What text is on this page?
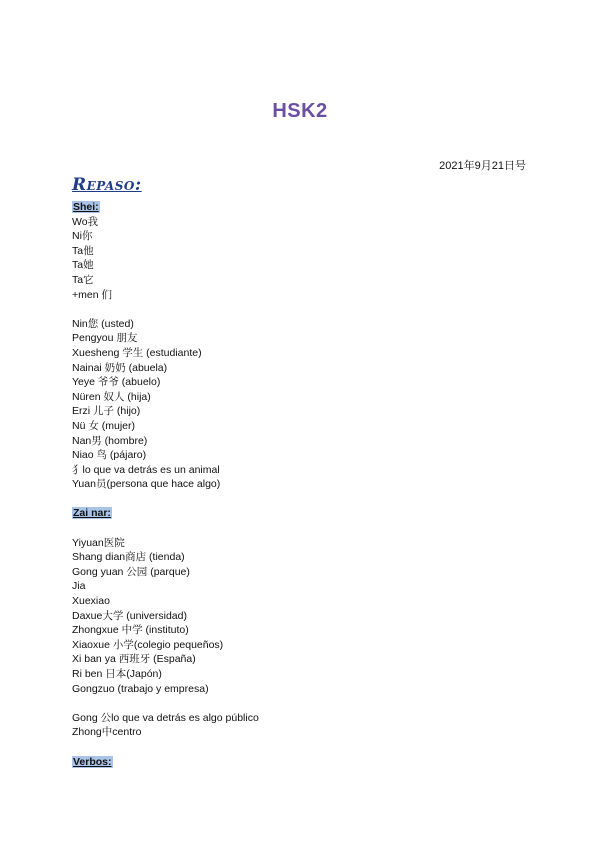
HSK2
2021年9月21日号
Repaso:
Shei:
Wo我
Ni你
Ta他
Ta她
Ta它
+men 们
Nin您 (usted)
Pengyou 朋友
Xuesheng 学生 (estudiante)
Nainai 奶奶 (abuela)
Yeye 爷爷 (abuelo)
Nüren 奴人 (hija)
Erzi 儿子 (hijo)
Nü 女 (mujer)
Nan男 (hombre)
Niao 鸟 (pájaro)
犭lo que va detrás es un animal
Yuan员(persona que hace algo)
Zai nar:
Yiyuan医院
Shang dian商店 (tienda)
Gong yuan 公园 (parque)
Jia
Xuexiao
Daxue大学 (universidad)
Zhongxue 中学 (instituto)
Xiaoxue 小学(colegio pequeños)
Xi ban ya 西班牙 (España)
Ri ben 日本(Japón)
Gongzuo (trabajo y empresa)
Gong 公lo que va detrás es algo público
Zhong中centro
Verbos:
